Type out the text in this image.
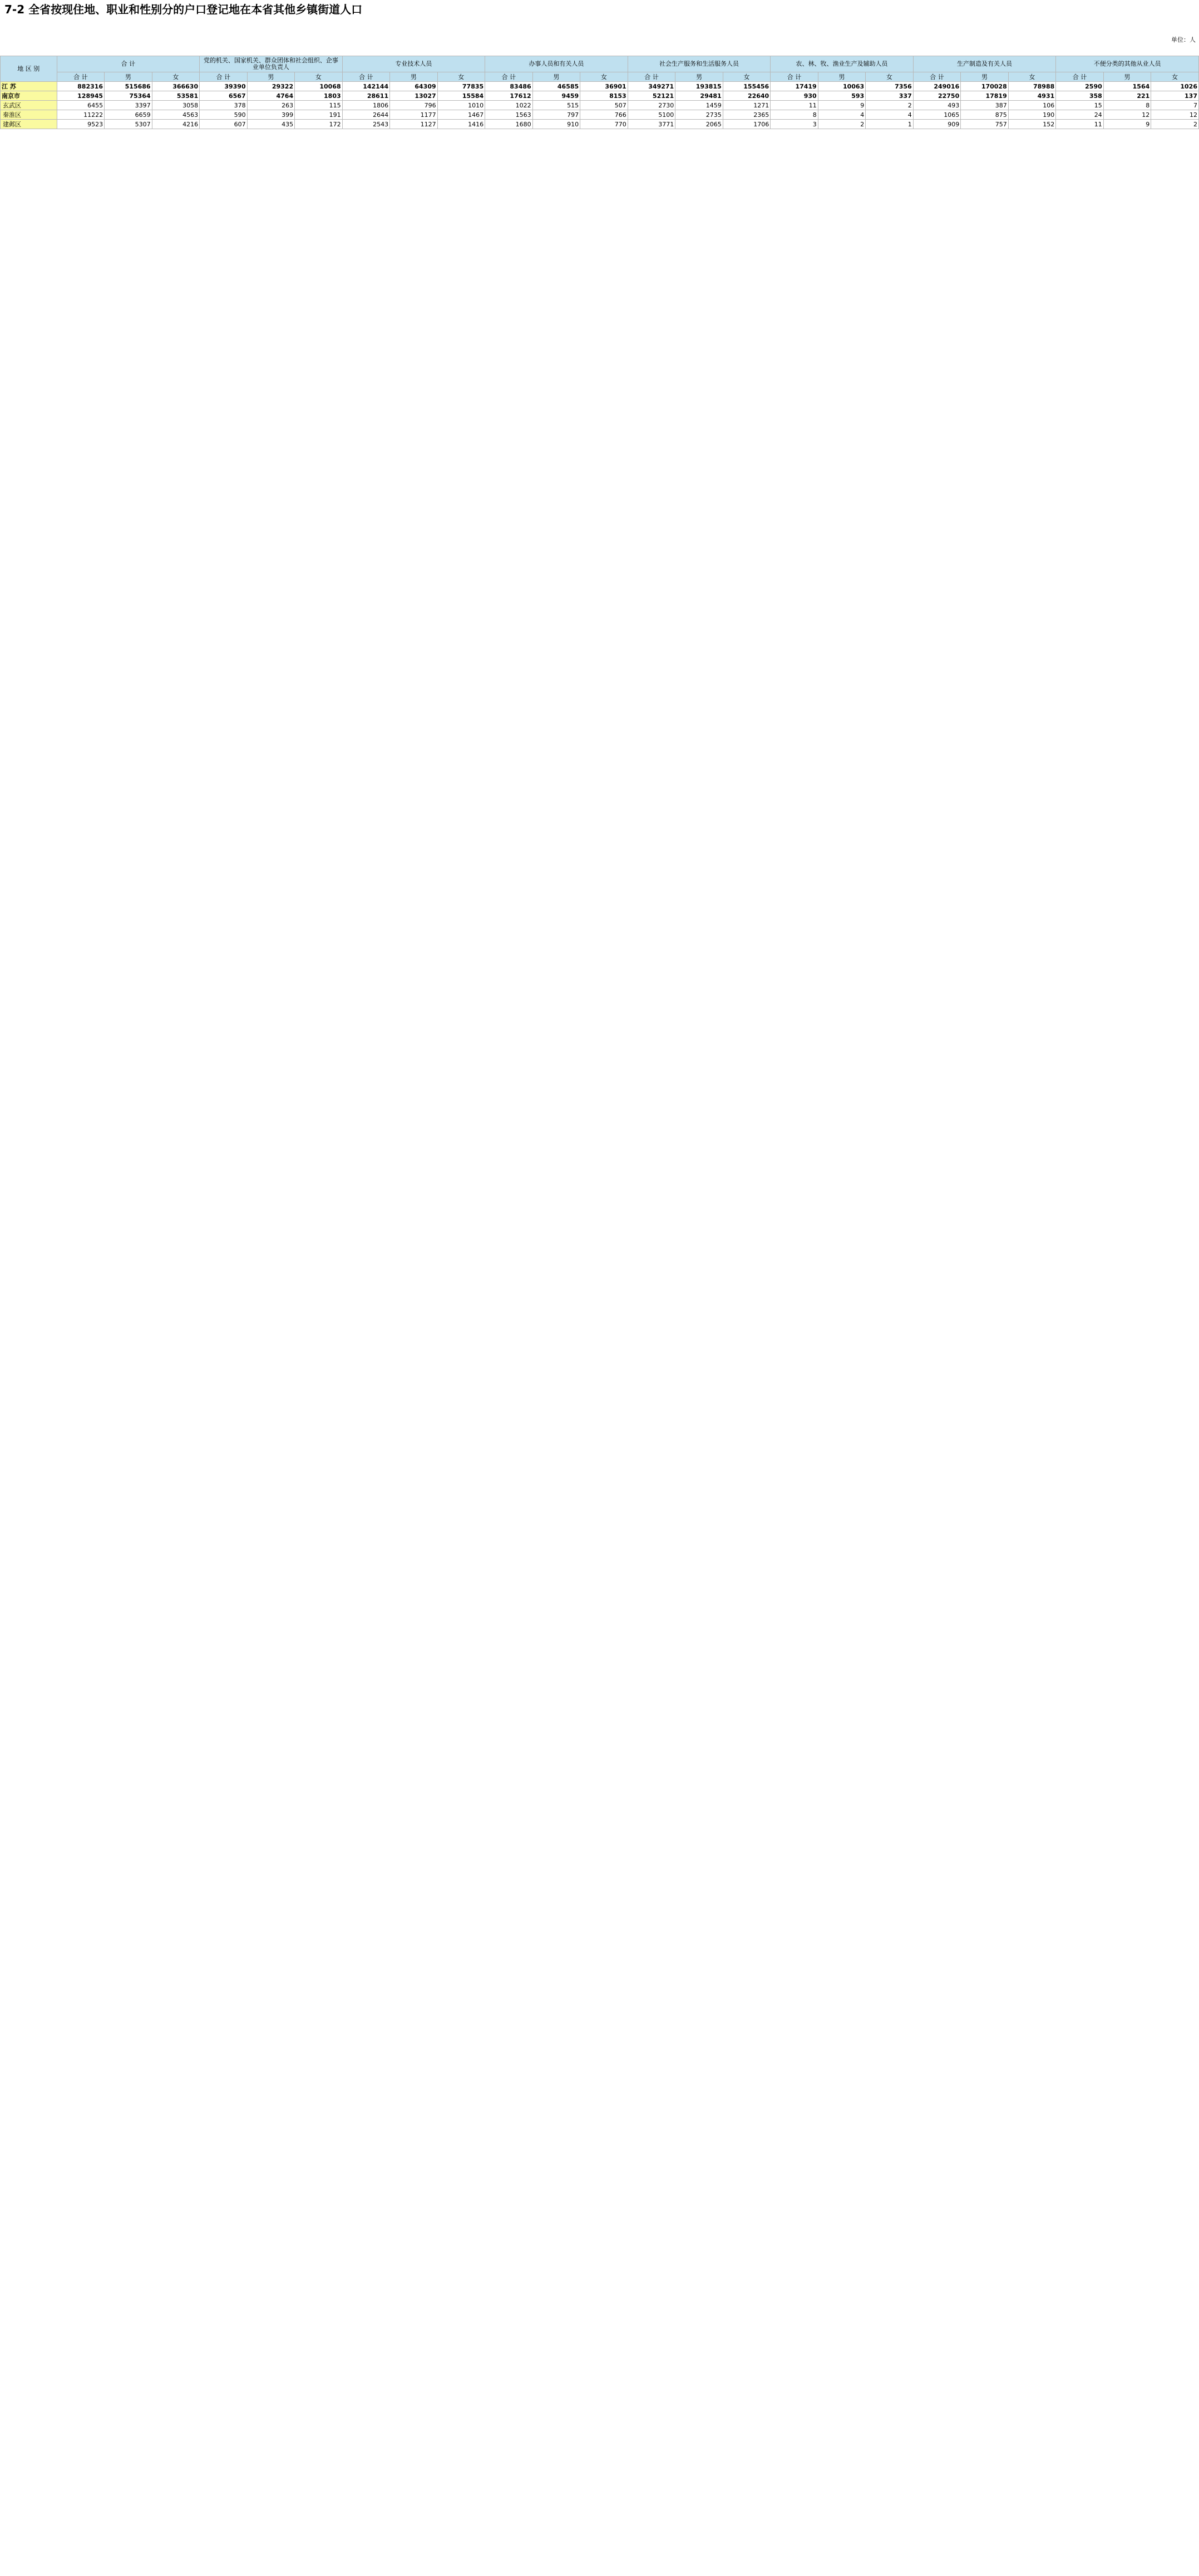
7-2 全省按现住地、职业和性别分的户口登记地在本省其他乡镇街道人口
单位：人
地 区 别	合 计			党的机关、国家机关、群众团体和社会组织、企事业单位负责人			专业技术人员			办事人员和有关人员			社会生产服务和生活服务人员			农、林、牧、渔业生产及辅助人员			生产制造及有关人员			不便分类的其他从业人员		
	合 计	男	女	合 计	男	女	合 计	男	女	合 计	男	女	合 计	男	女	合 计	男	女	合 计	男	女	合 计	男	女
江 苏	882316	515686	366630	39390	29322	10068	142144	64309	77835	83486	46585	36901	349271	193815	155456	17419	10063	7356	249016	170028	78988	2590	1564	1026
南京市	128945	75364	53581	6567	4764	1803	28611	13027	15584	17612	9459	8153	52121	29481	22640	930	593	337	22750	17819	4931	358	221	137
玄武区	6455	3397	3058	378	263	115	1806	796	1010	1022	515	507	2730	1459	1271	11	9	2	493	387	106	15	8	7
秦淮区	11222	6659	4563	590	399	191	2644	1177	1467	1563	797	766	5100	2735	2365	8	4	4	1065	875	190	24	12	12
建邺区	9523	5307	4216	607	435	172	2543	1127	1416	1680	910	770	3771	2065	1706	3	2	1	909	757	152	11	9	2
